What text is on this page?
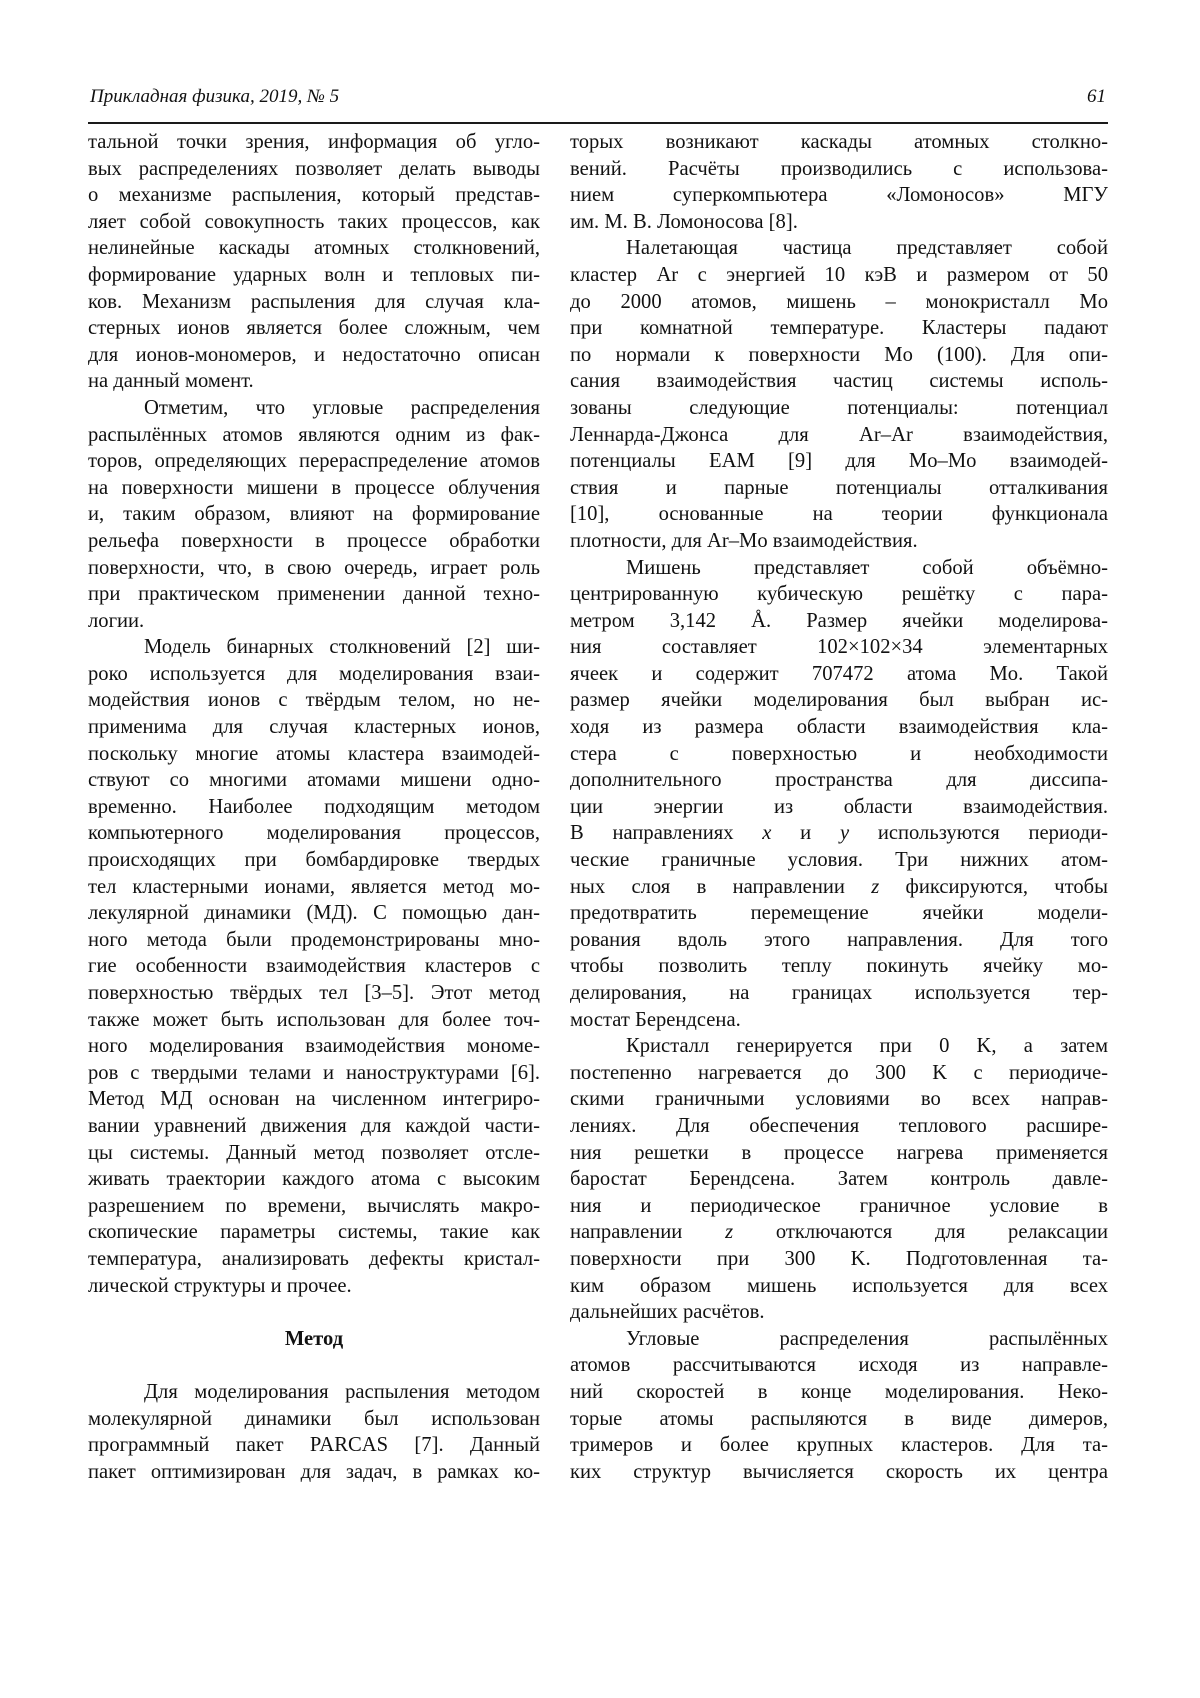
Прикладная физика, 2019, № 5	61
тальной точки зрения, информация об угло-
вых распределениях позволяет делать выводы
о механизме распыления, который представ-
ляет собой совокупность таких процессов, как
нелинейные каскады атомных столкновений,
формирование ударных волн и тепловых пи-
ков. Механизм распыления для случая кла-
стерных ионов является более сложным, чем
для ионов-мономеров, и недостаточно описан
на данный момент.
Отметим, что угловые распределения
распылённых атомов являются одним из фак-
торов, определяющих перераспределение атомов
на поверхности мишени в процессе облучения
и, таким образом, влияют на формирование
рельефа поверхности в процессе обработки
поверхности, что, в свою очередь, играет роль
при практическом применении данной техно-
логии.
Модель бинарных столкновений [2] ши-
роко используется для моделирования взаи-
модействия ионов с твёрдым телом, но не-
применима для случая кластерных ионов,
поскольку многие атомы кластера взаимодей-
ствуют со многими атомами мишени одно-
временно. Наиболее подходящим методом
компьютерного моделирования процессов,
происходящих при бомбардировке твердых
тел кластерными ионами, является метод мо-
лекулярной динамики (МД). С помощью дан-
ного метода были продемонстрированы мно-
гие особенности взаимодействия кластеров с
поверхностью твёрдых тел [3–5]. Этот метод
также может быть использован для более точ-
ного моделирования взаимодействия мономе-
ров с твердыми телами и наноструктурами [6].
Метод МД основан на численном интегриро-
вании уравнений движения для каждой части-
цы системы. Данный метод позволяет отсле-
живать траектории каждого атома с высоким
разрешением по времени, вычислять макро-
скопические параметры системы, такие как
температура, анализировать дефекты кристал-
лической структуры и прочее.
Метод
Для моделирования распыления методом
молекулярной динамики был использован
программный пакет PARCAS [7]. Данный
пакет оптимизирован для задач, в рамках ко-
торых возникают каскады атомных столкно-
вений. Расчёты производились с использова-
нием суперкомпьютера «Ломоносов» МГУ
им. М. В. Ломоносова [8].
Налетающая частица представляет собой
кластер Ar с энергией 10 кэВ и размером от 50
до 2000 атомов, мишень – монокристалл Mo
при комнатной температуре. Кластеры падают
по нормали к поверхности Mo (100). Для опи-
сания взаимодействия частиц системы исполь-
зованы следующие потенциалы: потенциал
Леннарда-Джонса для Ar–Ar взаимодействия,
потенциалы EAM [9] для Mo–Mo взаимодей-
ствия и парные потенциалы отталкивания
[10], основанные на теории функционала
плотности, для Ar–Mo взаимодействия.
Мишень представляет собой объёмно-
центрированную кубическую решётку с пара-
метром 3,142 Å. Размер ячейки моделирова-
ния составляет 102×102×34 элементарных
ячеек и содержит 707472 атома Mo. Такой
размер ячейки моделирования был выбран ис-
ходя из размера области взаимодействия кла-
стера с поверхностью и необходимости
дополнительного пространства для диссипа-
ции энергии из области взаимодействия.
В направлениях x и y используются периоди-
ческие граничные условия. Три нижних атом-
ных слоя в направлении z фиксируются, чтобы
предотвратить перемещение ячейки модели-
рования вдоль этого направления. Для того
чтобы позволить теплу покинуть ячейку мо-
делирования, на границах используется тер-
мостат Берендсена.
Кристалл генерируется при 0 K, а затем
постепенно нагревается до 300 K с периодиче-
скими граничными условиями во всех направ-
лениях. Для обеспечения теплового расшире-
ния решетки в процессе нагрева применяется
баростат Берендсена. Затем контроль давле-
ния и периодическое граничное условие в
направлении z отключаются для релаксации
поверхности при 300 K. Подготовленная та-
ким образом мишень используется для всех
дальнейших расчётов.
Угловые распределения распылённых
атомов рассчитываются исходя из направле-
ний скоростей в конце моделирования. Неко-
торые атомы распыляются в виде димеров,
тримеров и более крупных кластеров. Для та-
ких структур вычисляется скорость их центра
